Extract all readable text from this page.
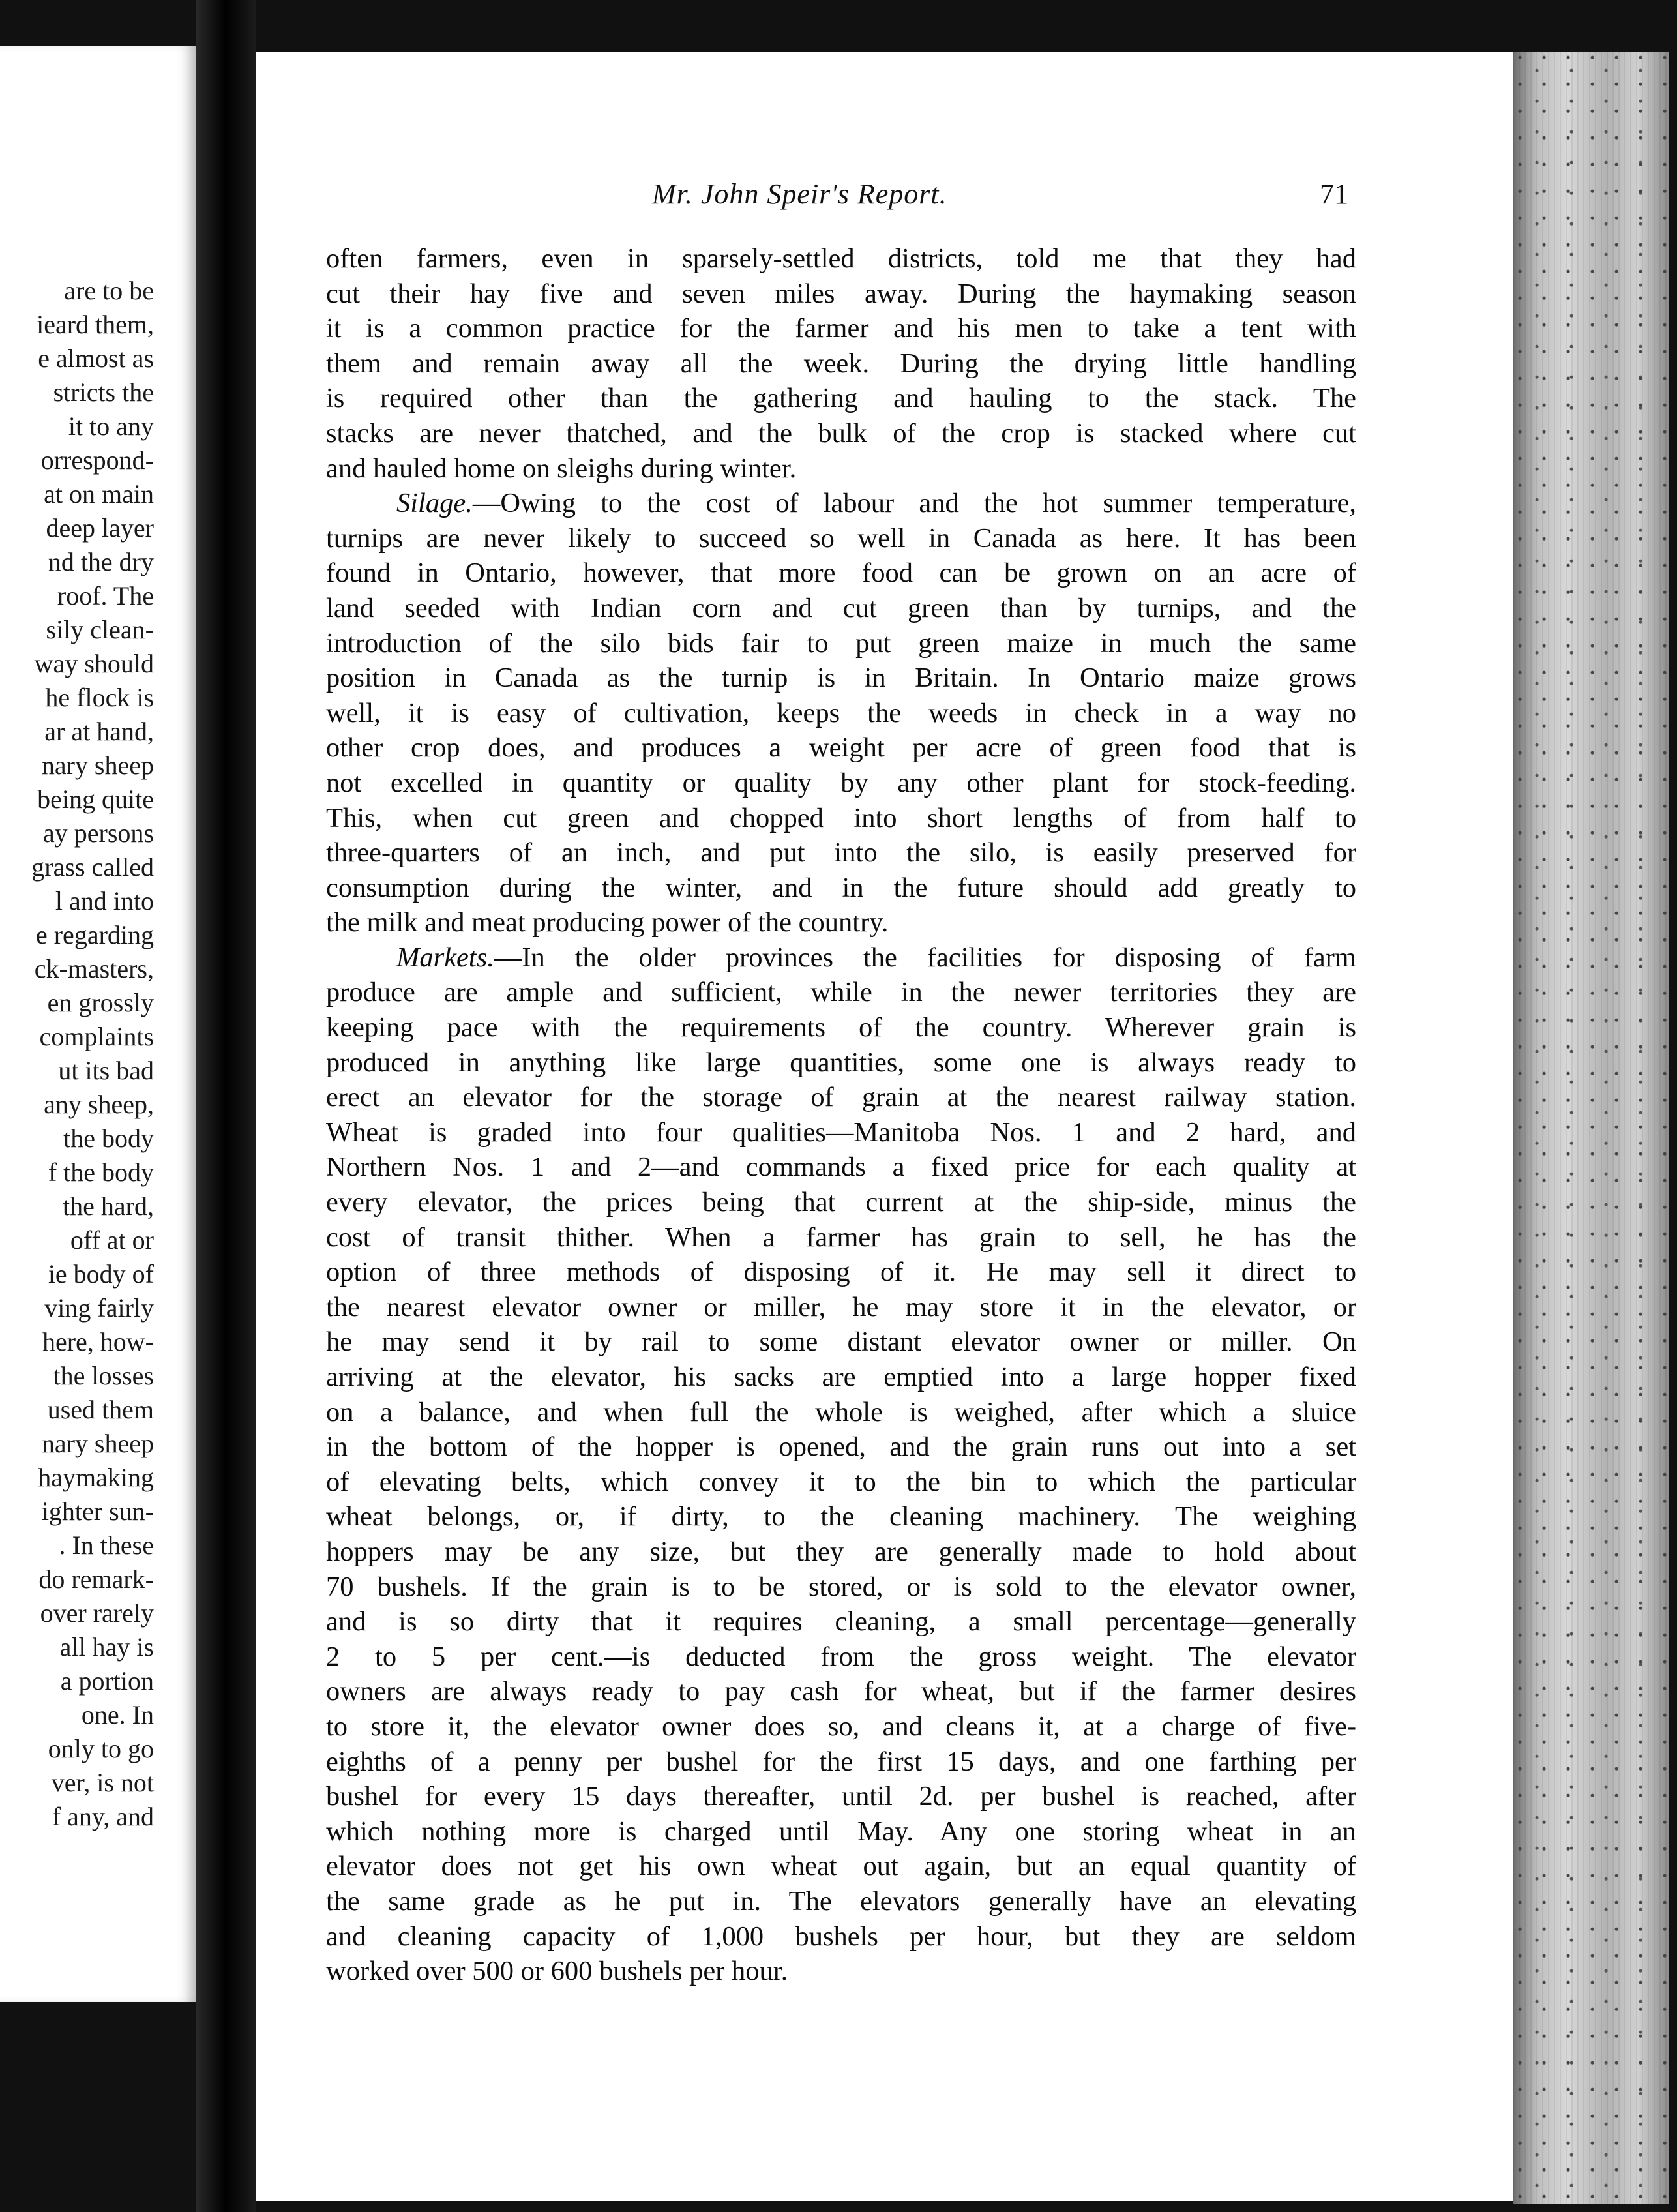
are to be
ieard them,
e almost as
stricts the
it to any
orrespond-
at on main
deep layer
nd the dry
roof. The
sily clean-
way should
he flock is
ar at hand,
nary sheep
being quite
ay persons
grass called
l and into
e regarding
ck-masters,
en grossly
complaints
ut its bad
any sheep,
the body
f the body
the hard,
off at or
ie body of
ving fairly
here, how-
the losses
used them
nary sheep
haymaking
ighter sun-
. In these
do remark-
over rarely
all hay is
a portion
one. In
only to go
ver, is not
f any, and
Mr. John Speir's Report.	71
often farmers, even in sparsely-settled districts, told me that they had
cut their hay five and seven miles away. During the haymaking season
it is a common practice for the farmer and his men to take a tent with
them and remain away all the week. During the drying little handling
is required other than the gathering and hauling to the stack. The
stacks are never thatched, and the bulk of the crop is stacked where cut
and hauled home on sleighs during winter.
Silage.—Owing to the cost of labour and the hot summer temperature,
turnips are never likely to succeed so well in Canada as here. It has been
found in Ontario, however, that more food can be grown on an acre of
land seeded with Indian corn and cut green than by turnips, and the
introduction of the silo bids fair to put green maize in much the same
position in Canada as the turnip is in Britain. In Ontario maize grows
well, it is easy of cultivation, keeps the weeds in check in a way no
other crop does, and produces a weight per acre of green food that is
not excelled in quantity or quality by any other plant for stock-feeding.
This, when cut green and chopped into short lengths of from half to
three-quarters of an inch, and put into the silo, is easily preserved for
consumption during the winter, and in the future should add greatly to
the milk and meat producing power of the country.
Markets.—In the older provinces the facilities for disposing of farm
produce are ample and sufficient, while in the newer territories they are
keeping pace with the requirements of the country. Wherever grain is
produced in anything like large quantities, some one is always ready to
erect an elevator for the storage of grain at the nearest railway station.
Wheat is graded into four qualities—Manitoba Nos. 1 and 2 hard, and
Northern Nos. 1 and 2—and commands a fixed price for each quality at
every elevator, the prices being that current at the ship-side, minus the
cost of transit thither. When a farmer has grain to sell, he has the
option of three methods of disposing of it. He may sell it direct to
the nearest elevator owner or miller, he may store it in the elevator, or
he may send it by rail to some distant elevator owner or miller. On
arriving at the elevator, his sacks are emptied into a large hopper fixed
on a balance, and when full the whole is weighed, after which a sluice
in the bottom of the hopper is opened, and the grain runs out into a set
of elevating belts, which convey it to the bin to which the particular
wheat belongs, or, if dirty, to the cleaning machinery. The weighing
hoppers may be any size, but they are generally made to hold about
70 bushels. If the grain is to be stored, or is sold to the elevator owner,
and is so dirty that it requires cleaning, a small percentage—generally
2 to 5 per cent.—is deducted from the gross weight. The elevator
owners are always ready to pay cash for wheat, but if the farmer desires
to store it, the elevator owner does so, and cleans it, at a charge of five-
eighths of a penny per bushel for the first 15 days, and one farthing per
bushel for every 15 days thereafter, until 2d. per bushel is reached, after
which nothing more is charged until May. Any one storing wheat in an
elevator does not get his own wheat out again, but an equal quantity of
the same grade as he put in. The elevators generally have an elevating
and cleaning capacity of 1,000 bushels per hour, but they are seldom
worked over 500 or 600 bushels per hour.
